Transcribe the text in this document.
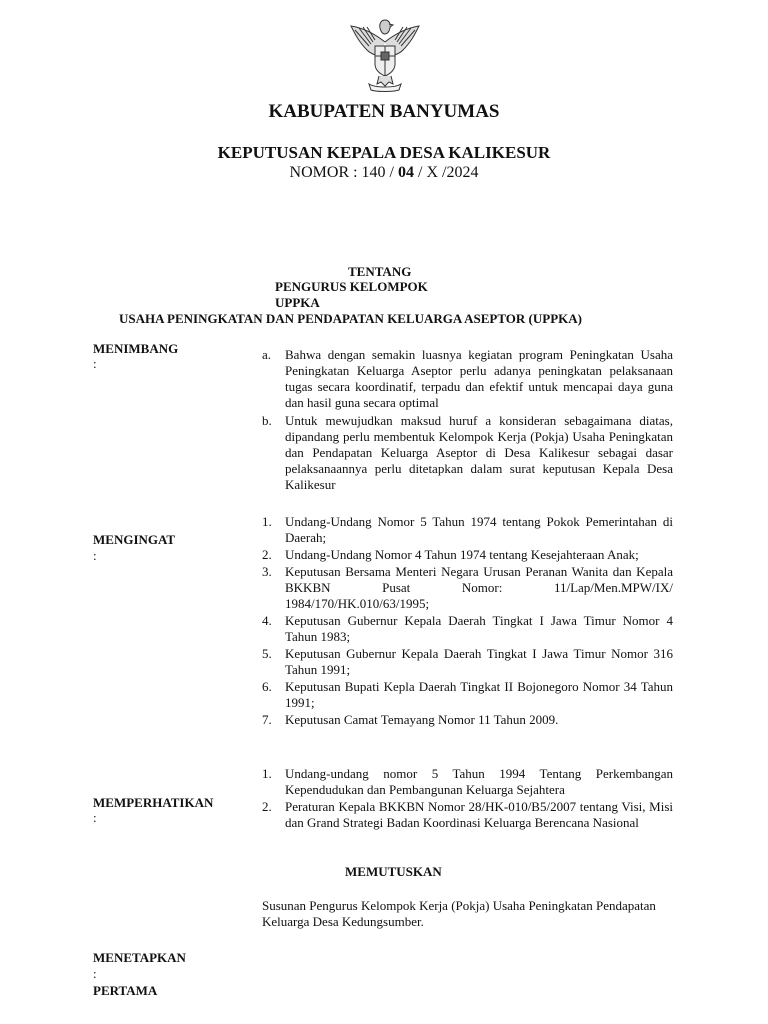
KABUPATEN BANYUMAS
KEPUTUSAN KEPALA DESA KALIKESUR
NOMOR : 140 / 04 / X /2024
TENTANG
PENGURUS KELOMPOK
UPPKA
USAHA PENINGKATAN DAN PENDAPATAN KELUARGA ASEPTOR (UPPKA)
MENIMBANG
:
a. Bahwa dengan semakin luasnya kegiatan program Peningkatan Usaha Peningkatan Keluarga Aseptor perlu adanya peningkatan pelaksanaan tugas secara koordinatif, terpadu dan efektif untuk mencapai daya guna dan hasil guna secara optimal
b. Untuk mewujudkan maksud huruf a konsideran sebagaimana diatas, dipandang perlu membentuk Kelompok Kerja (Pokja) Usaha Peningkatan dan Pendapatan Keluarga Aseptor di Desa Kalikesur sebagai dasar pelaksanaannya perlu ditetapkan dalam surat keputusan Kepala Desa Kalikesur
MENGINGAT
:
1. Undang-Undang Nomor 5 Tahun 1974 tentang Pokok Pemerintahan di Daerah;
2. Undang-Undang Nomor 4 Tahun 1974 tentang Kesejahteraan Anak;
3. Keputusan Bersama Menteri Negara Urusan Peranan Wanita dan Kepala BKKBN Pusat Nomor: 11/Lap/Men.MPW/IX/ 1984/170/HK.010/63/1995;
4. Keputusan Gubernur Kepala Daerah Tingkat I Jawa Timur Nomor 4 Tahun 1983;
5. Keputusan Gubernur Kepala Daerah Tingkat I Jawa Timur Nomor 316 Tahun 1991;
6. Keputusan Bupati Kepla Daerah Tingkat II Bojonegoro Nomor 34 Tahun 1991;
7. Keputusan Camat Temayang Nomor 11 Tahun 2009.
MEMPERHATIKAN
:
1. Undang-undang nomor 5 Tahun 1994 Tentang Perkembangan Kependudukan dan Pembangunan Keluarga Sejahtera
2. Peraturan Kepala BKKBN Nomor 28/HK-010/B5/2007 tentang Visi, Misi dan Grand Strategi Badan Koordinasi Keluarga Berencana Nasional
MEMUTUSKAN
Susunan Pengurus Kelompok Kerja (Pokja) Usaha Peningkatan Pendapatan Keluarga Desa Kedungsumber.
MENETAPKAN
:
PERTAMA
